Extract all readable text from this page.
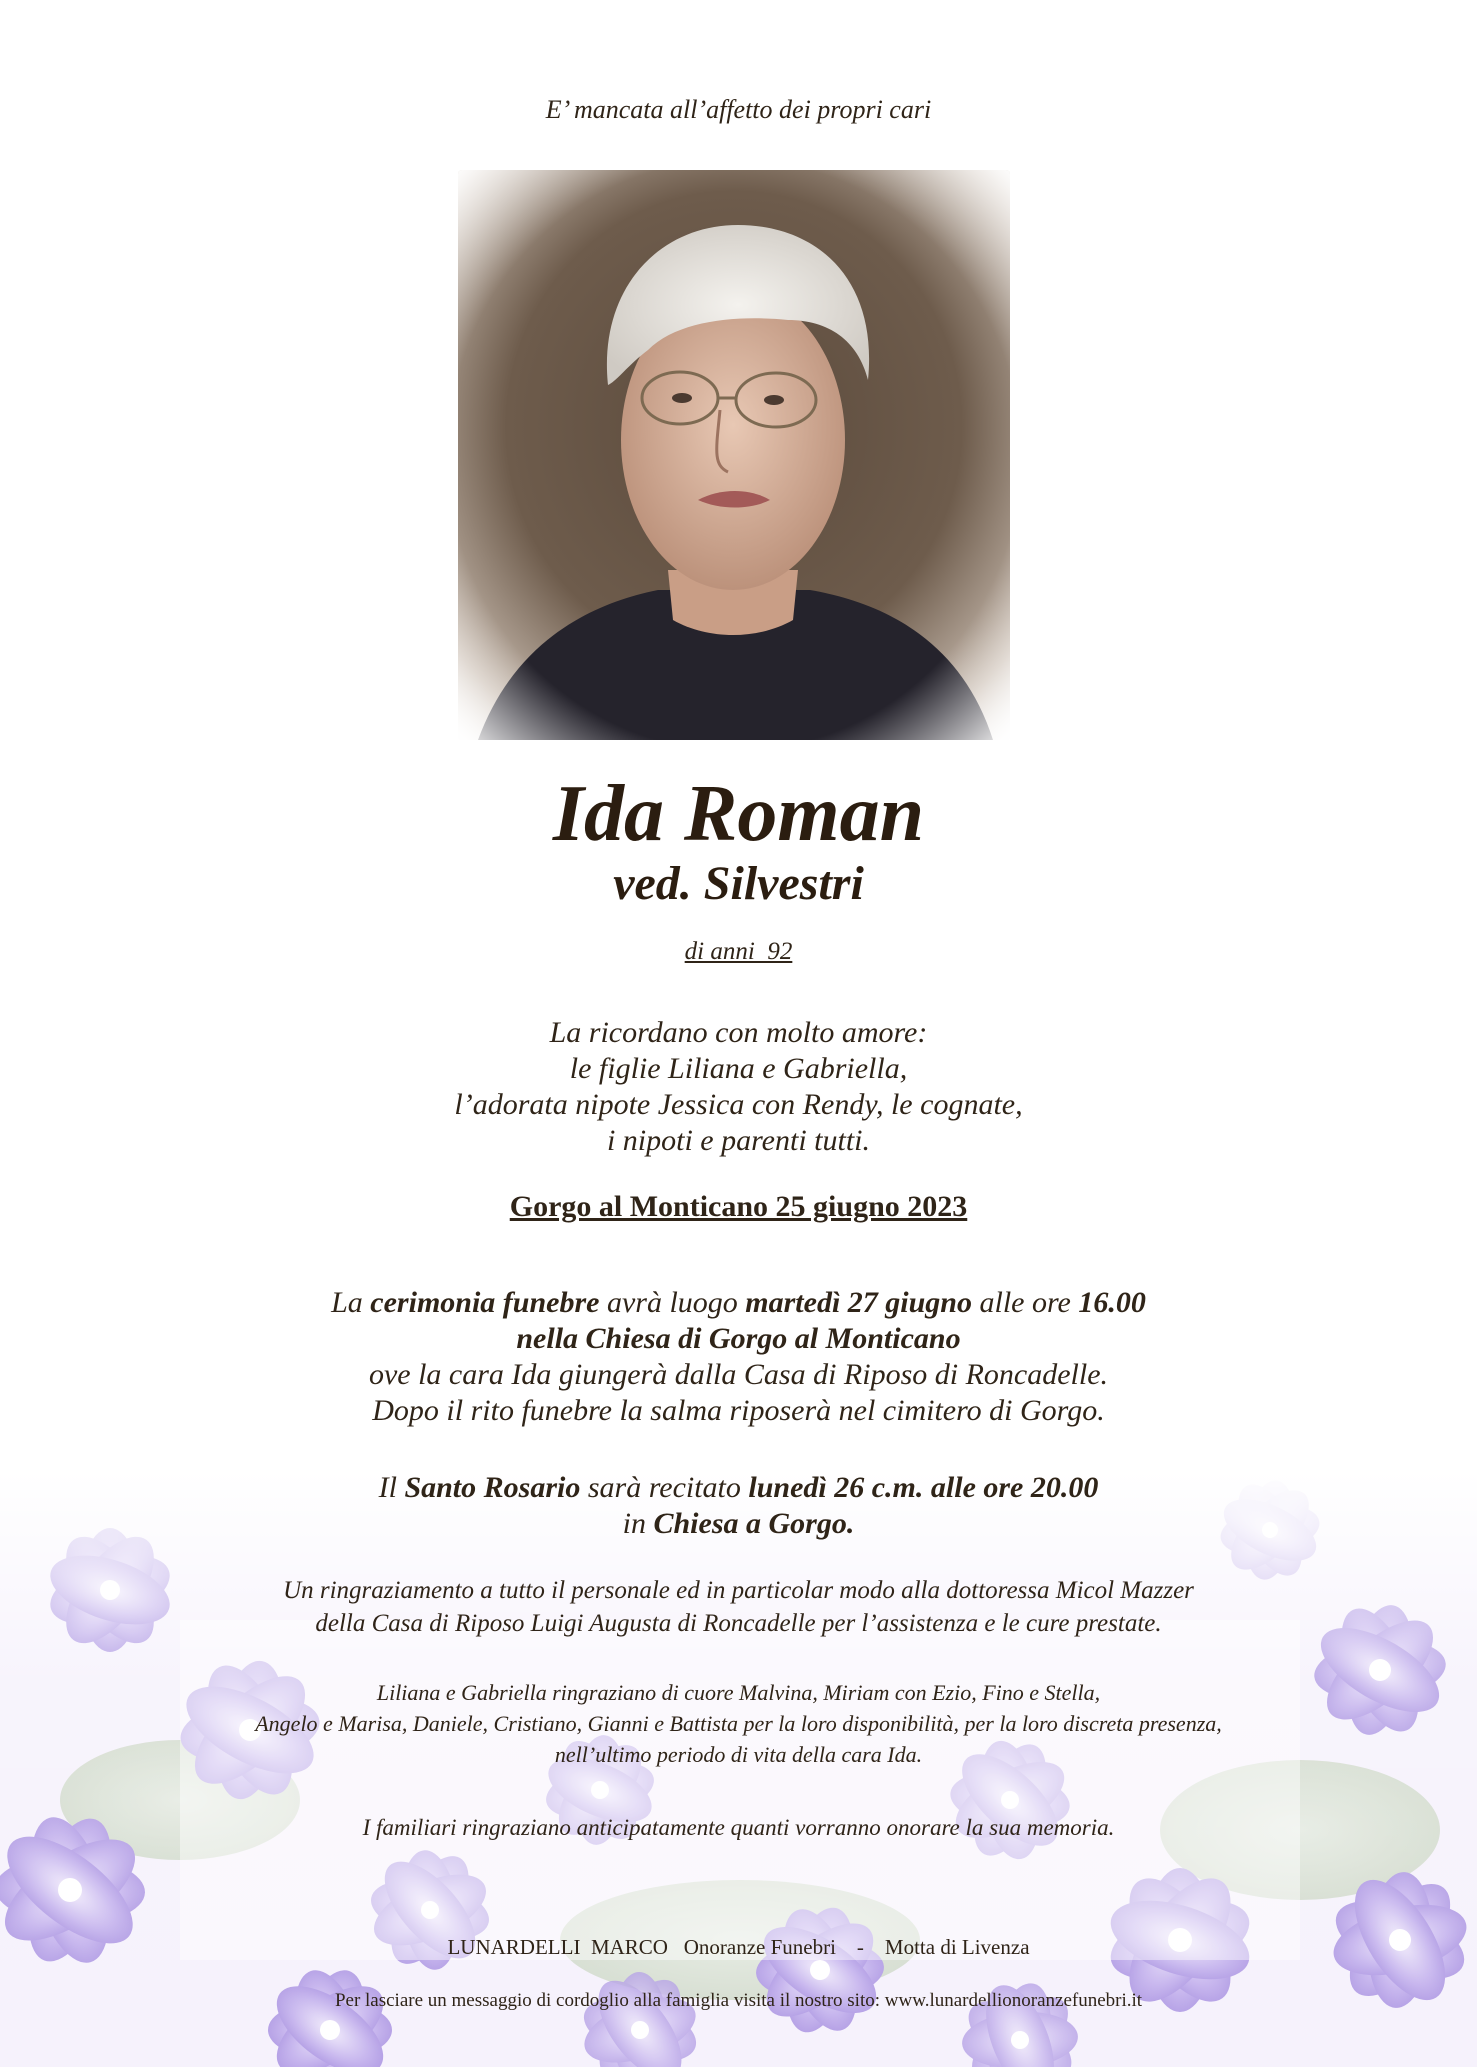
E’ mancata all’affetto dei propri cari
Ida Roman
ved. Silvestri
di anni  92
La ricordano con molto amore:
le figlie Liliana e Gabriella,
l’adorata nipote Jessica con Rendy, le cognate,
i nipoti e parenti tutti.
Gorgo al Monticano 25 giugno 2023
La cerimonia funebre avrà luogo martedì 27 giugno alle ore 16.00
nella Chiesa di Gorgo al Monticano
ove la cara Ida giungerà dalla Casa di Riposo di Roncadelle.
Dopo il rito funebre la salma riposerà nel cimitero di Gorgo.
Il Santo Rosario sarà recitato lunedì 26 c.m. alle ore 20.00
in Chiesa a Gorgo.
Un ringraziamento a tutto il personale ed in particolar modo alla dottoressa Micol Mazzer
della Casa di Riposo Luigi Augusta di Roncadelle per l’assistenza e le cure prestate.
Liliana e Gabriella ringraziano di cuore Malvina, Miriam con Ezio, Fino e Stella,
Angelo e Marisa, Daniele, Cristiano, Gianni e Battista per la loro disponibilità, per la loro discreta presenza,
nell’ultimo periodo di vita della cara Ida.
I familiari ringraziano anticipatamente quanti vorranno onorare la sua memoria.
LUNARDELLI  MARCO   Onoranze Funebri    -    Motta di Livenza
Per lasciare un messaggio di cordoglio alla famiglia visita il nostro sito: www.lunardellionoranzefunebri.it
